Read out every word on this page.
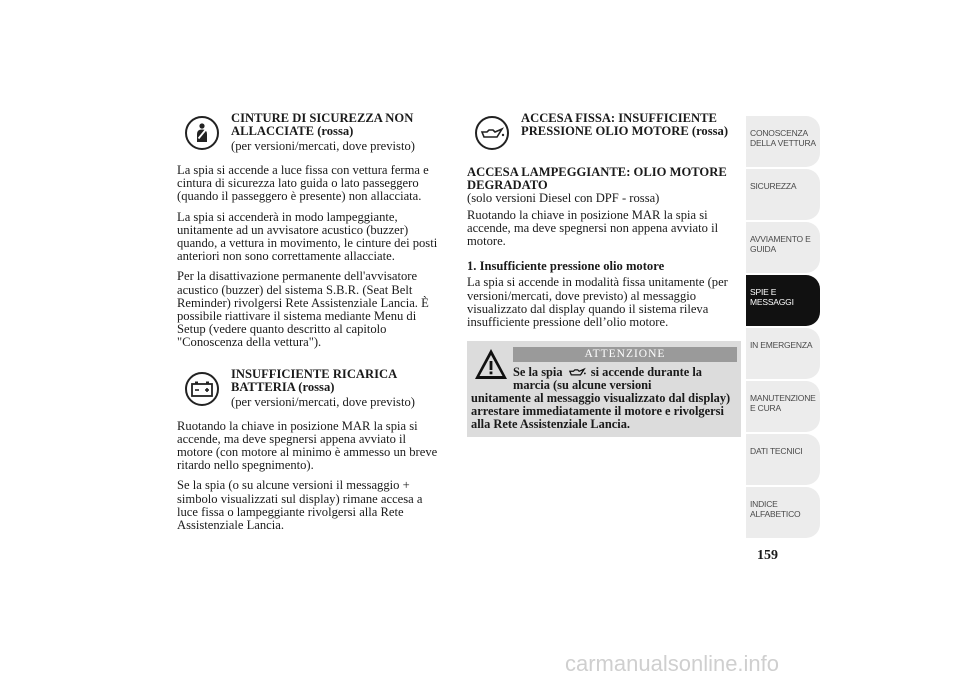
CINTURE DI SICUREZZA NON ALLACCIATE (rossa)
(per versioni/mercati, dove previsto)

La spia si accende a luce fissa con vettura ferma e cintura di sicurezza lato guida o lato passeggero (quando il passeggero è presente) non allacciata.

La spia si accenderà in modo lampeggiante, unitamente ad un avvisatore acustico (buzzer) quando, a vettura in movimento, le cinture dei posti anteriori non sono correttamente allacciate.

Per la disattivazione permanente dell'avvisatore acustico (buzzer) del sistema S.B.R. (Seat Belt Reminder) rivolgersi Rete Assistenziale Lancia. È possibile riattivare il sistema mediante Menu di Setup (vedere quanto descritto al capitolo "Conoscenza della vettura").

INSUFFICIENTE RICARICA BATTERIA (rossa)
(per versioni/mercati, dove previsto)

Ruotando la chiave in posizione MAR la spia si accende, ma deve spegnersi appena avviato il motore (con motore al minimo è ammesso un breve ritardo nello spegnimento).

Se la spia (o su alcune versioni il messaggio + simbolo visualizzati sul display) rimane accesa a luce fissa o lampeggiante rivolgersi alla Rete Assistenziale Lancia.

ACCESA FISSA: INSUFFICIENTE PRESSIONE OLIO MOTORE (rossa)

ACCESA LAMPEGGIANTE: OLIO MOTORE DEGRADATO
(solo versioni Diesel con DPF - rossa)

Ruotando la chiave in posizione MAR la spia si accende, ma deve spegnersi non appena avviato il motore.

1. Insufficiente pressione olio motore

La spia si accende in modalità fissa unitamente (per versioni/mercati, dove previsto) al messaggio visualizzato dal display quando il sistema rileva insufficiente pressione dell’olio motore.

ATTENZIONE
Se la spia si accende durante la marcia (su alcune versioni
unitamente al messaggio visualizzato dal display) arrestare immediatamente il motore e rivolgersi alla Rete Assistenziale Lancia.
CONOSCENZA DELLA VETTURA
SICUREZZA
AVVIAMENTO E GUIDA
SPIE E MESSAGGI
IN EMERGENZA
MANUTENZIONE E CURA
DATI TECNICI
INDICE ALFABETICO
159
carmanualsonline.info
